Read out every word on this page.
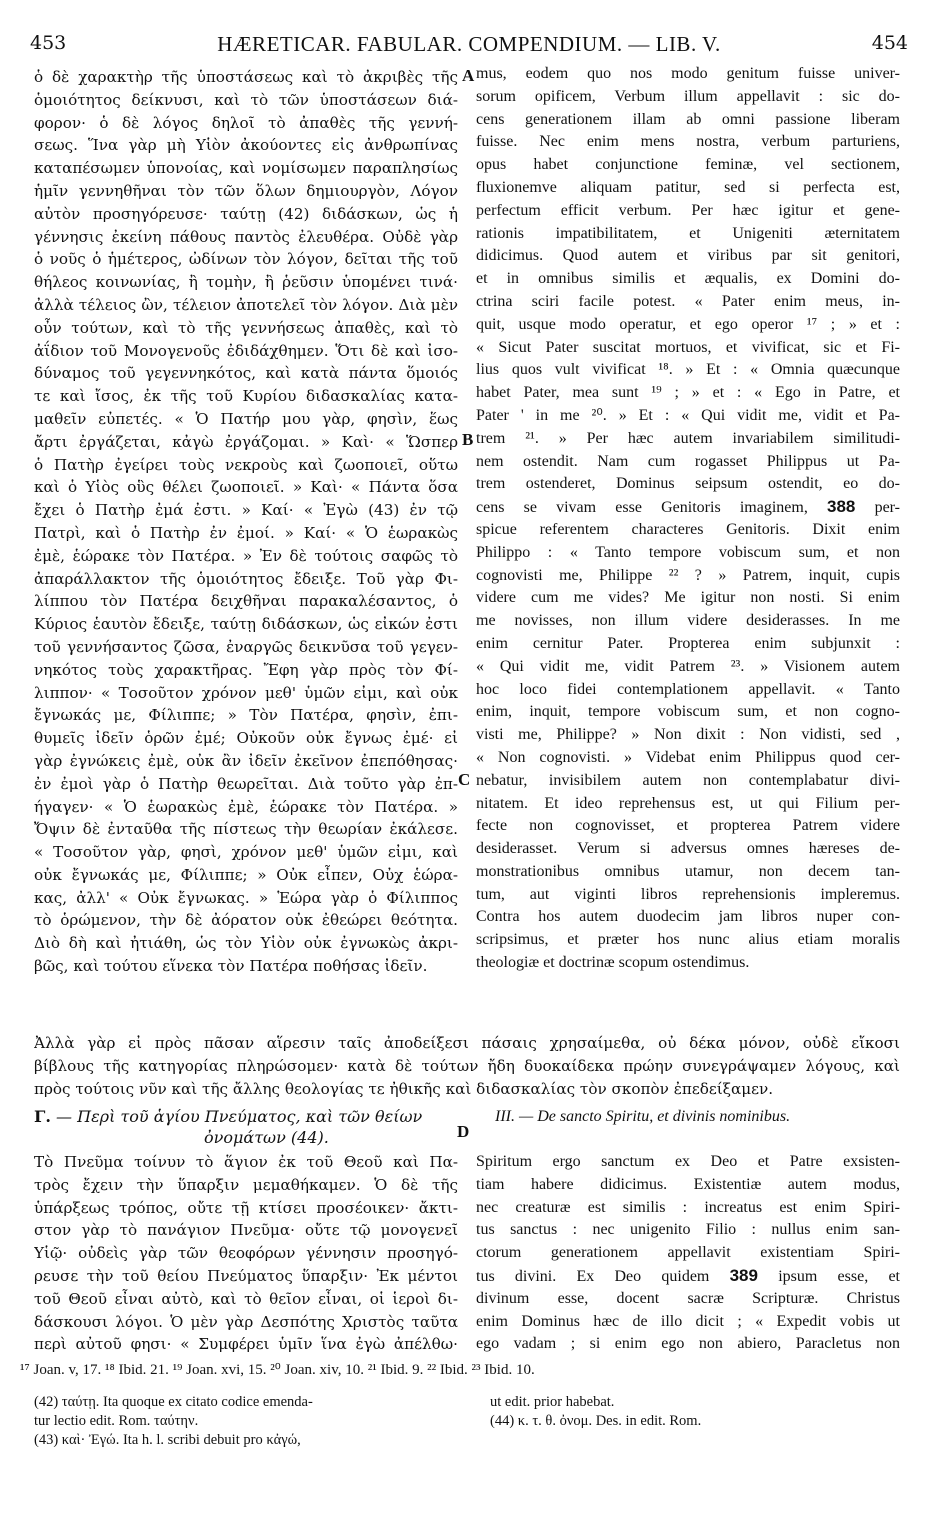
453	HÆRETICAR. FABULAR. COMPENDIUM. — LIB. V.	454
ὁ δὲ χαρακτὴρ τῆς ὑποστάσεως καὶ τὸ ἀκριβὲς τῆς
ὁμοιότητος δείκνυσι, καὶ τὸ τῶν ὑποστάσεων διά-
φορον· ὁ δὲ λόγος δηλοῖ τὸ ἀπαθὲς τῆς γεννή-
σεως. Ἵνα γὰρ μὴ Υἱὸν ἀκούοντες εἰς ἀνθρωπίνας
καταπέσωμεν ὑπονοίας, καὶ νομίσωμεν παραπλησίως
ἡμῖν γεννηθῆναι τὸν τῶν ὅλων δημιουργὸν, Λόγον
αὐτὸν προσηγόρευσε· ταύτῃ (42) διδάσκων, ὡς ἡ
γέννησις ἐκείνη πάθους παντὸς ἐλευθέρα. Οὐδὲ γὰρ
ὁ νοῦς ὁ ἡμέτερος, ὠδίνων τὸν λόγον, δεῖται τῆς τοῦ
θήλεος κοινωνίας, ἢ τομὴν, ἢ ῥεῦσιν ὑπομένει τινά·
ἀλλὰ τέλειος ὢν, τέλειον ἀποτελεῖ τὸν λόγον. Διὰ μὲν
οὖν τούτων, καὶ τὸ τῆς γεννήσεως ἀπαθὲς, καὶ τὸ
ἀΐδιον τοῦ Μονογενοῦς ἐδιδάχθημεν. Ὅτι δὲ καὶ ἰσο-
δύναμος τοῦ γεγεννηκότος, καὶ κατὰ πάντα ὅμοιός
τε καὶ ἴσος, ἐκ τῆς τοῦ Κυρίου διδασκαλίας κατα-
μαθεῖν εὐπετές. « Ὁ Πατήρ μου γὰρ, φησὶν, ἕως
ἄρτι ἐργάζεται, κἀγὼ ἐργάζομαι. » Καὶ· « Ὥσπερ
ὁ Πατὴρ ἐγείρει τοὺς νεκροὺς καὶ ζωοποιεῖ, οὕτω
καὶ ὁ Υἱὸς οὓς θέλει ζωοποιεῖ. » Καὶ· « Πάντα ὅσα
ἔχει ὁ Πατὴρ ἐμά ἐστι. » Καί· « Ἐγὼ (43) ἐν τῷ
Πατρὶ, καὶ ὁ Πατὴρ ἐν ἐμοί. » Καί· « Ὁ ἑωρακὼς
ἐμὲ, ἑώρακε τὸν Πατέρα. » Ἐν δὲ τούτοις σαφῶς τὸ
ἀπαράλλακτον τῆς ὁμοιότητος ἔδειξε. Τοῦ γὰρ Φι-
λίππου τὸν Πατέρα δειχθῆναι παρακαλέσαντος, ὁ
Κύριος ἑαυτὸν ἔδειξε, ταύτῃ διδάσκων, ὡς εἰκών ἐστι
τοῦ γεννήσαντος ζῶσα, ἐναργῶς δεικνῦσα τοῦ γεγεν-
νηκότος τοὺς χαρακτῆρας. Ἔφη γὰρ πρὸς τὸν Φί-
λιππον· « Τοσοῦτον χρόνον μεθ' ὑμῶν εἰμι, καὶ οὐκ
ἔγνωκάς με, Φίλιππε; » Τὸν Πατέρα, φησὶν, ἐπι-
θυμεῖς ἰδεῖν ὁρῶν ἐμέ; Οὐκοῦν οὐκ ἔγνως ἐμέ· εἰ
γὰρ ἐγνώκεις ἐμὲ, οὐκ ἂν ἰδεῖν ἐκεῖνον ἐπεπόθησας·
ἐν ἐμοὶ γὰρ ὁ Πατὴρ θεωρεῖται. Διὰ τοῦτο γὰρ ἐπ-
ήγαγεν· « Ὁ ἑωρακὼς ἐμὲ, ἑώρακε τὸν Πατέρα. »
Ὄψιν δὲ ἐνταῦθα τῆς πίστεως τὴν θεωρίαν ἐκάλεσε.
« Τοσοῦτον γὰρ, φησὶ, χρόνον μεθ' ὑμῶν εἰμι, καὶ
οὐκ ἔγνωκάς με, Φίλιππε; » Οὐκ εἶπεν, Οὐχ ἑώρα-
κας, ἀλλ' « Οὐκ ἔγνωκας. » Ἑώρα γὰρ ὁ Φίλιππος
τὸ ὁρώμενον, τὴν δὲ ἀόρατον οὐκ ἐθεώρει θεότητα.
Διὸ δὴ καὶ ἠτιάθη, ὡς τὸν Υἱὸν οὐκ ἐγνωκὼς ἀκρι-
βῶς, καὶ τούτου εἵνεκα τὸν Πατέρα ποθήσας ἰδεῖν.
mus, eodem quo nos modo genitum fuisse univer-
sorum opificem, Verbum illum appellavit : sic do-
cens generationem illam ab omni passione liberam
fuisse. Nec enim mens nostra, verbum parturiens,
opus habet conjunctione feminæ, vel sectionem,
fluxionemve aliquam patitur, sed si perfecta est,
perfectum efficit verbum. Per hæc igitur et gene-
rationis impatibilitatem, et Unigeniti æternitatem
didicimus. Quod autem et viribus par sit genitori,
et in omnibus similis et æqualis, ex Domini do-
ctrina sciri facile potest. « Pater enim meus, in-
quit, usque modo operatur, et ego operor ¹⁷ ; » et :
« Sicut Pater suscitat mortuos, et vivificat, sic et Fi-
lius quos vult vivificat ¹⁸. » Et : « Omnia quæcunque
habet Pater, mea sunt ¹⁹ ; » et : « Ego in Patre, et
Pater ' in me ²⁰. » Et : « Qui vidit me, vidit et Pa-
trem ²¹. » Per hæc autem invariabilem similitudi-
nem ostendit. Nam cum rogasset Philippus ut Pa-
trem ostenderet, Dominus seipsum ostendit, eo do-
cens se vivam esse Genitoris imaginem, 388 per-
spicue referentem characteres Genitoris. Dixit enim
Philippo : « Tanto tempore vobiscum sum, et non
cognovisti me, Philippe ²² ? » Patrem, inquit, cupis
videre cum me vides? Me igitur non nosti. Si enim
me novisses, non illum videre desiderasses. In me
enim cernitur Pater. Propterea enim subjunxit :
« Qui vidit me, vidit Patrem ²³. » Visionem autem
hoc loco fidei contemplationem appellavit. « Tanto
enim, inquit, tempore vobiscum sum, et non cogno-
visti me, Philippe? » Non dixit : Non vidisti, sed ,
« Non cognovisti. » Videbat enim Philippus quod cer-
nebatur, invisibilem autem non contemplabatur divi-
nitatem. Et ideo reprehensus est, ut qui Filium per-
fecte non cognovisset, et propterea Patrem videre
desiderasset. Verum si adversus omnes hæreses de-
monstrationibus omnibus utamur, non decem tan-
tum, aut viginti libros reprehensionis impleremus.
Contra hos autem duodecim jam libros nuper con-
scripsimus, et præter hos nunc alius etiam moralis
theologiæ et doctrinæ scopum ostendimus.
A
B
C
D
Ἀλλὰ γὰρ εἰ πρὸς πᾶσαν αἵρεσιν ταῖς ἀποδείξεσι πάσαις χρησαίμεθα, οὐ δέκα μόνον, οὐδὲ εἴκοσι
βίβλους τῆς κατηγορίας πληρώσομεν· κατὰ δὲ τούτων ἤδη δυοκαίδεκα πρώην συνεγράψαμεν λόγους, καὶ
πρὸς τούτοις νῦν καὶ τῆς ἄλλης θεολογίας τε ἠθικῆς καὶ διδασκαλίας τὸν σκοπὸν ἐπεδείξαμεν.
Γ. — Περὶ τοῦ ἁγίου Πνεύματος, καὶ τῶν θείων
ὀνομάτων (44).
III. — De sancto Spiritu, et divinis nominibus.
Τὸ Πνεῦμα τοίνυν τὸ ἅγιον ἐκ τοῦ Θεοῦ καὶ Πα-
τρὸς ἔχειν τὴν ὕπαρξιν μεμαθήκαμεν. Ὁ δὲ τῆς
ὑπάρξεως τρόπος, οὔτε τῇ κτίσει προσέοικεν· ἄκτι-
στον γὰρ τὸ πανάγιον Πνεῦμα· οὔτε τῷ μονογενεῖ
Υἱῷ· οὐδεὶς γὰρ τῶν θεοφόρων γέννησιν προσηγό-
ρευσε τὴν τοῦ θείου Πνεύματος ὕπαρξιν· Ἐκ μέντοι
τοῦ Θεοῦ εἶναι αὐτὸ, καὶ τὸ θεῖον εἶναι, οἱ ἱεροὶ δι-
δάσκουσι λόγοι. Ὁ μὲν γὰρ Δεσπότης Χριστὸς ταῦτα
περὶ αὐτοῦ φησι· « Συμφέρει ὑμῖν ἵνα ἐγὼ ἀπέλθω·
Spiritum ergo sanctum ex Deo et Patre exsisten-
tiam habere didicimus. Existentiæ autem modus,
nec creaturæ est similis : increatus est enim Spiri-
tus sanctus : nec unigenito Filio : nullus enim san-
ctorum generationem appellavit existentiam Spiri-
tus divini. Ex Deo quidem 389 ipsum esse, et
divinum esse, docent sacræ Scripturæ. Christus
enim Dominus hæc de illo dicit ; « Expedit vobis ut
ego vadam ; si enim ego non abiero, Paracletus non
¹⁷ Joan. v, 17. ¹⁸ Ibid. 21. ¹⁹ Joan. xvi, 15. ²⁰ Joan. xiv, 10. ²¹ Ibid. 9. ²² Ibid. ²³ Ibid. 10.
(42) ταύτῃ. Ita quoque ex citato codice emenda-
tur lectio edit. Rom. ταύτην.
(43) καὶ· Ἐγώ. Ita h. l. scribi debuit pro κἀγώ,
ut edit. prior habebat.
(44) κ. τ. θ. ὀνομ. Des. in edit. Rom.
